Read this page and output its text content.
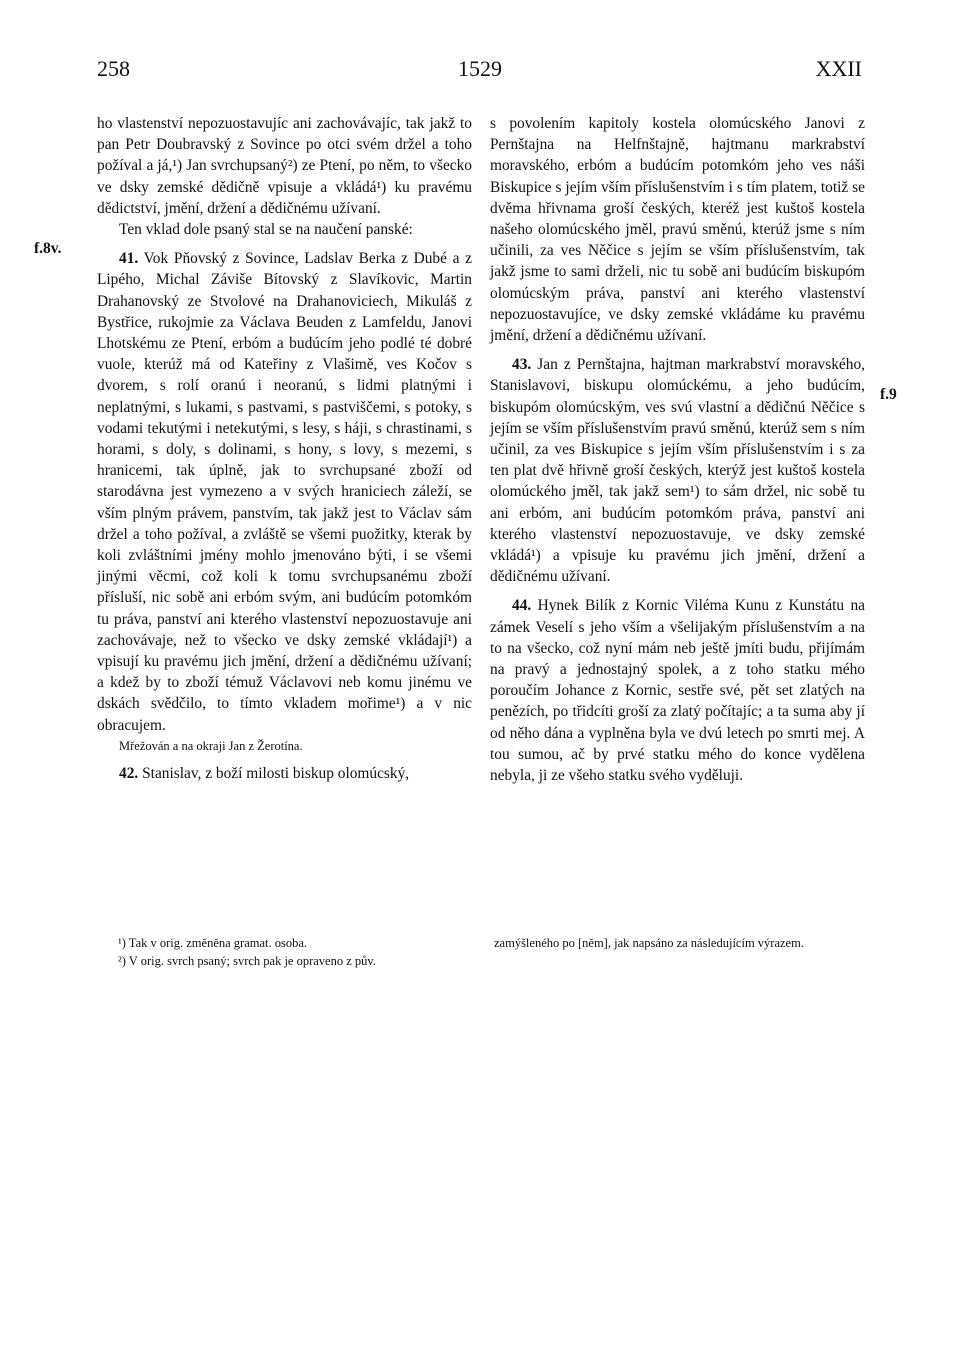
258	1529	XXII
f.8v.
f.9

ho vlastenství nepozuostavujíc ani zachovávajíc, tak jakž to pan Petr Doubravský z Sovince po otci svém držel a toho požíval a já,¹) Jan svrchupsaný²) ze Ptení, po něm, to všecko ve dsky zemské dědičně vpisuje a vkládá¹) ku pravému dědictství, jmění, držení a dědičnému užívaní.

Ten vklad dole psaný stal se na naučení panské:

41. Vok Pňovský z Sovince, Ladslav Berka z Dubé a z Lipého, Michal Záviše Bítovský z Slavíkovic, Martin Drahanovský ze Stvolové na Drahanoviciech, Mikuláš z Bystřice, rukojmie za Václava Beuden z Lamfeldu, Janovi Lhotskému ze Ptení, erbóm a budúcím jeho podlé té dobré vuole, kterúž má od Kateřiny z Vlašimě, ves Kočov s dvorem, s rolí oranú i neoranú, s lidmi platnými i neplatnými, s lukami, s pastvami, s pastviščemi, s potoky, s vodami tekutými i netekutými, s lesy, s háji, s chrastinami, s horami, s doly, s dolinami, s hony, s lovy, s mezemi, s hranicemi, tak úplně, jak to svrchupsané zboží od starodávna jest vymezeno a v svých hraniciech záleží, se vším plným právem, panstvím, tak jakž jest to Václav sám držel a toho požíval, a zvláště se všemi puožitky, kterak by koli zvláštními jmény mohlo jmenováno býti, i se všemi jinými věcmi, což koli k tomu svrchupsanému zboží přísluší, nic sobě ani erbóm svým, ani budúcím potomkóm tu práva, panství ani kterého vlastenství nepozuostavuje ani zachovávaje, než to všecko ve dsky zemské vkládají¹) a vpisují ku pravému jich jmění, držení a dědičnému užívaní; a kdež by to zboží témuž Václavovi neb komu jinému ve dskách svědčilo, to tímto vkladem mořime¹) a v nic obracujem.

Mřežován a na okraji Jan z Žerotína.

42. Stanislav, z boží milosti biskup olomúcský,

s povolením kapitoly kostela olomúcského Janovi z Pernštajna na Helfnštajně, hajtmanu markrabství moravského, erbóm a budúcím potomkóm jeho ves náši Biskupice s jejím vším příslušenstvím i s tím platem, totiž se dvěma hřivnama groší českých, kteréž jest kuštoš kostela našeho olomúcského jměl, pravú směnú, kterúž jsme s ním učinili, za ves Něčice s jejím se vším příslušenstvím, tak jakž jsme to sami drželi, nic tu sobě ani budúcím biskupóm olomúcským práva, panství ani kterého vlastenství nepozuostavujíce, ve dsky zemské vkládáme ku pravému jmění, držení a dědičnému užívaní.

43. Jan z Pernštajna, hajtman markrabství moravského, Stanislavovi, biskupu olomúckému, a jeho budúcím, biskupóm olomúcským, ves svú vlastní a dědičnú Něčice s jejím se vším příslušenstvím pravú směnú, kterúž sem s ním učinil, za ves Biskupice s jejím vším příslušenstvím i s za ten plat dvě hřivně groší českých, kterýž jest kuštoš kostela olomúckého jměl, tak jakž sem¹) to sám držel, nic sobě tu ani erbóm, ani budúcím potomkóm práva, panství ani kterého vlastenství nepozuostavuje, ve dsky zemské vkládá¹) a vpisuje ku pravému jich jmění, držení a dědičnému užívaní.

44. Hynek Bilík z Kornic Viléma Kunu z Kunstátu na zámek Veselí s jeho vším a všelijakým příslušenstvím a na to na všecko, což nyní mám neb ještě jmíti budu, přijímám na pravý a jednostajný spolek, a z toho statku mého poroučím Johance z Kornic, sestře své, pět set zlatých na penězích, po třidcíti groší za zlatý počítajíc; a ta suma aby jí od něho dána a vyplněna byla ve dvú letech po smrti mej. A tou sumou, ač by prvé statku mého do konce vydělena nebyla, ji ze všeho statku svého vyděluji.

¹) Tak v orig. změněna gramat. osoba.

²) V orig. svrch psaný; svrch pak je opraveno z pův.

zamýšleného po [něm], jak napsáno za následujícím výrazem.
